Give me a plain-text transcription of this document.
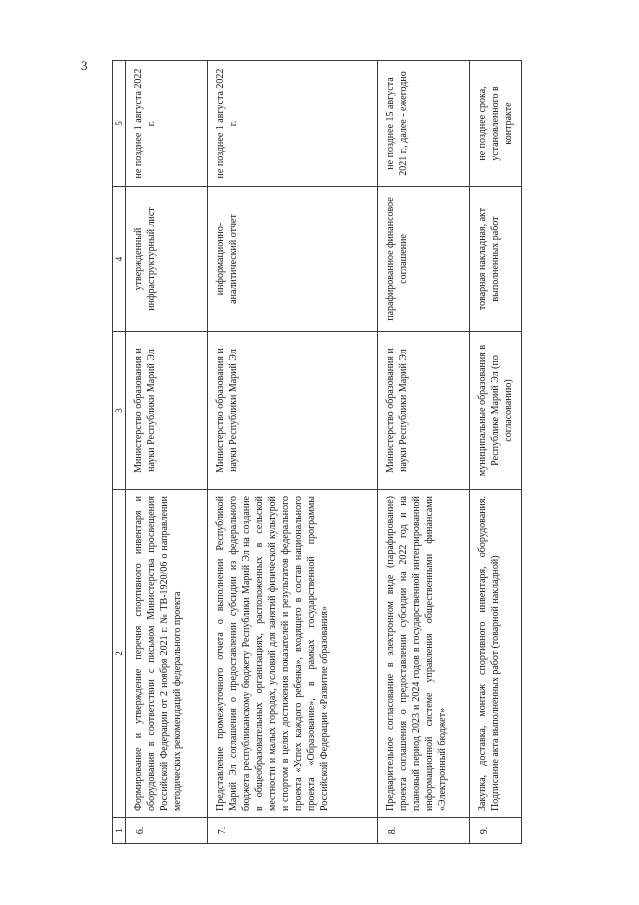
3
1	2	3	4	5
6.	Формирование и утверждение перечня спортивного инвентаря и оборудования в соответствии с письмом Министерства просвещения Российской Федерации от 2 ноября 2021 г. № ТВ-1920/06 о направлении методических рекомендаций федерального проекта	Министерство образования и науки Республики Марий Эл	утвержденный инфраструктурный лист	не позднее 1 августа 2022 г.
7.	Представление промежуточного отчета о выполнении Республикой Марий Эл соглашения о предоставлении субсидии из федерального бюджета республиканскому бюджету Республики Марий Эл на создание в общеобразовательных организациях, расположенных в сельской местности и малых городах, условий для занятий физической культурой и спортом в целях достижения показателей и результатов федерального проекта «Успех каждого ребенка», входящего в состав национального проекта «Образование», в рамках государственной программы Российской Федерации «Развитие образования»	Министерство образования и науки Республики Марий Эл	информационно-аналитический отчет	не позднее 1 августа 2022 г.
8.	Предварительное согласование в электронном виде (парафирование) проекта соглашения о предоставлении субсидии на 2022 год и на плановый период 2023 и 2024 годов в государственной интегрированной информационной системе управления общественными финансами «Электронный бюджет»	Министерство образования и науки Республики Марий Эл	парафированное финансовое соглашение	не позднее 15 августа 2021 г., далее - ежегодно
9.	Закупка, доставка, монтаж спортивного инвентаря, оборудования. Подписание акта выполненных работ (товарной накладной)	муниципальные образования в Республике Марий Эл (по согласованию)	товарная накладная, акт выполненных работ	не позднее срока, установленного в контракте
